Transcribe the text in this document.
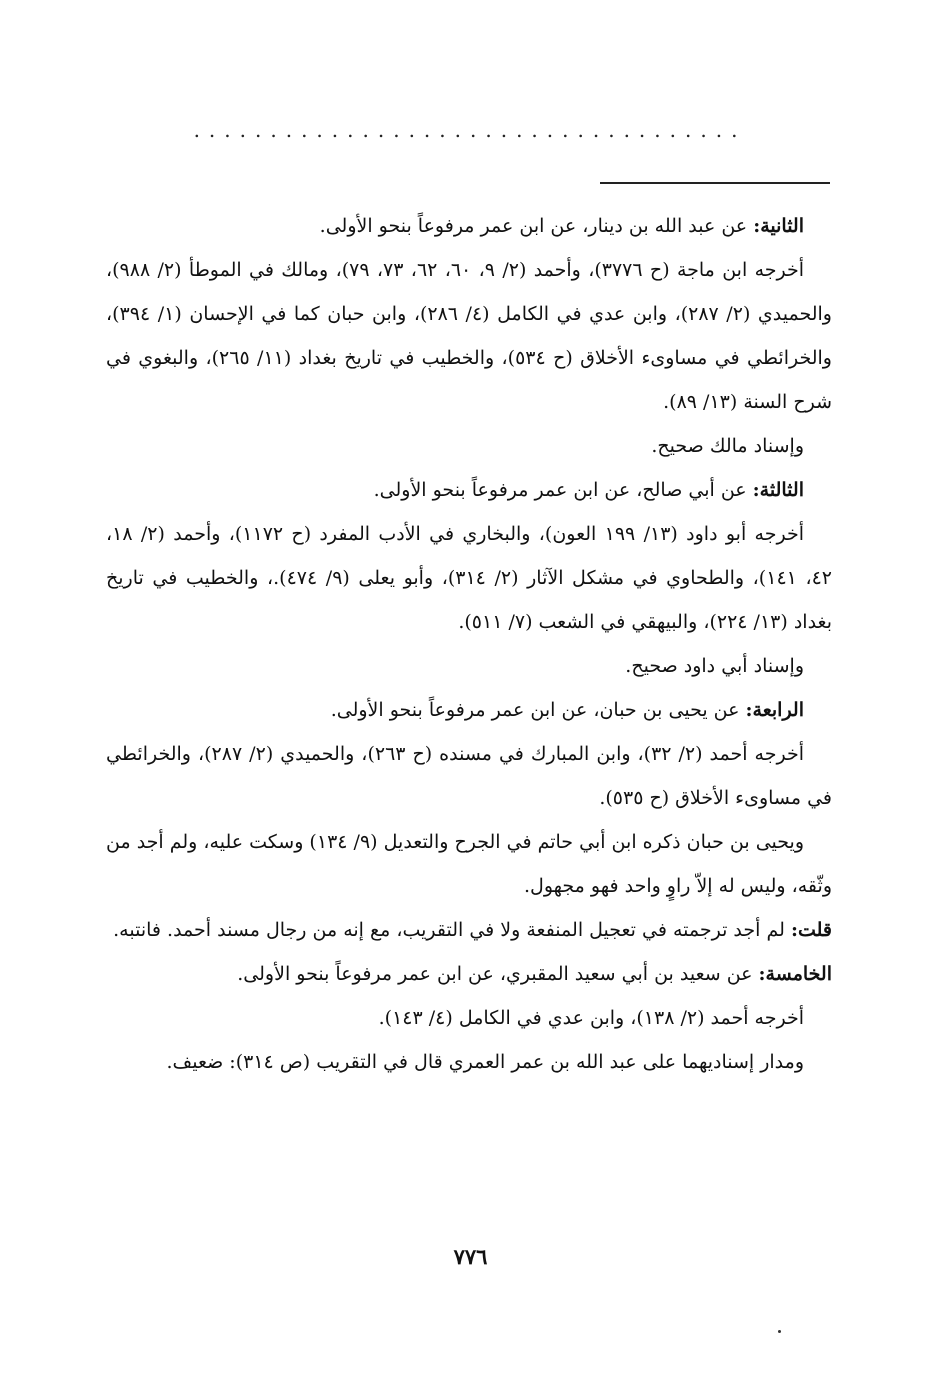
....................................

الثانية: عن عبد الله بن دينار، عن ابن عمر مرفوعاً بنحو الأولى.

أخرجه ابن ماجة (ح ٣٧٧٦)، وأحمد (٢/ ٩، ٦٠، ٦٢، ٧٣، ٧٩)، ومالك في الموطأ (٢/ ٩٨٨)، والحميدي (٢/ ٢٨٧)، وابن عدي في الكامل (٤/ ٢٨٦)، وابن حبان كما في الإحسان (١/ ٣٩٤)، والخرائطي في مساوىء الأخلاق (ح ٥٣٤)، والخطيب في تاريخ بغداد (١١/ ٢٦٥)، والبغوي في شرح السنة (١٣/ ٨٩).

وإسناد مالك صحيح.

الثالثة: عن أبي صالح، عن ابن عمر مرفوعاً بنحو الأولى.

أخرجه أبو داود (١٣/ ١٩٩ العون)، والبخاري في الأدب المفرد (ح ١١٧٢)، وأحمد (٢/ ١٨، ٤٢، ١٤١)، والطحاوي في مشكل الآثار (٢/ ٣١٤)، وأبو يعلى (٩/ ٤٧٤).، والخطيب في تاريخ بغداد (١٣/ ٢٢٤)، والبيهقي في الشعب (٧/ ٥١١).

وإسناد أبي داود صحيح.

الرابعة: عن يحيى بن حبان، عن ابن عمر مرفوعاً بنحو الأولى.

أخرجه أحمد (٢/ ٣٢)، وابن المبارك في مسنده (ح ٢٦٣)، والحميدي (٢/ ٢٨٧)، والخرائطي في مساوىء الأخلاق (ح ٥٣٥).

ويحيى بن حبان ذكره ابن أبي حاتم في الجرح والتعديل (٩/ ١٣٤) وسكت عليه، ولم أجد من وثّقه، وليس له إلاّ راوٍ واحد فهو مجهول.

قلت: لم أجد ترجمته في تعجيل المنفعة ولا في التقريب، مع إنه من رجال مسند أحمد. فانتبه.

الخامسة: عن سعيد بن أبي سعيد المقبري، عن ابن عمر مرفوعاً بنحو الأولى.

أخرجه أحمد (٢/ ١٣٨)، وابن عدي في الكامل (٤/ ١٤٣).

ومدار إسناديهما على عبد الله بن عمر العمري قال في التقريب (ص ٣١٤): ضعيف.

٧٧٦
